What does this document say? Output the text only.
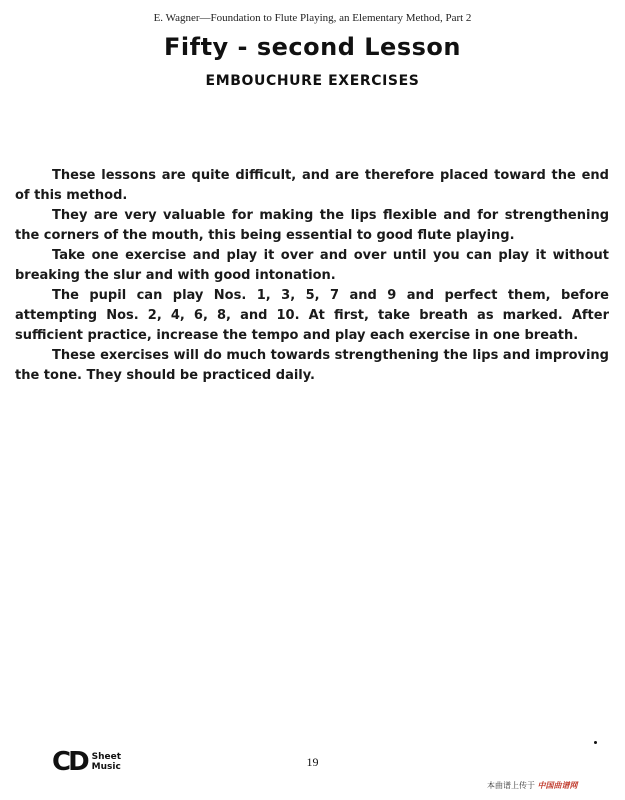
E. Wagner—Foundation to Flute Playing, an Elementary Method, Part 2
Fifty - second Lesson
EMBOUCHURE EXERCISES

These lessons are quite difficult, and are therefore placed toward the end of this method.

They are very valuable for making the lips flexible and for strengthening the corners of the mouth, this being essential to good flute playing.

Take one exercise and play it over and over until you can play it without breaking the slur and with good intonation.

The pupil can play Nos. 1, 3, 5, 7 and 9 and perfect them, before attempting Nos. 2, 4, 6, 8, and 10. At first, take breath as marked. After sufficient practice, increase the tempo and play each exercise in one breath.

These exercises will do much towards strengthening the lips and improving the tone. They should be practiced daily.

CD Sheet
Music	19
本曲谱上传于 中国曲谱网
